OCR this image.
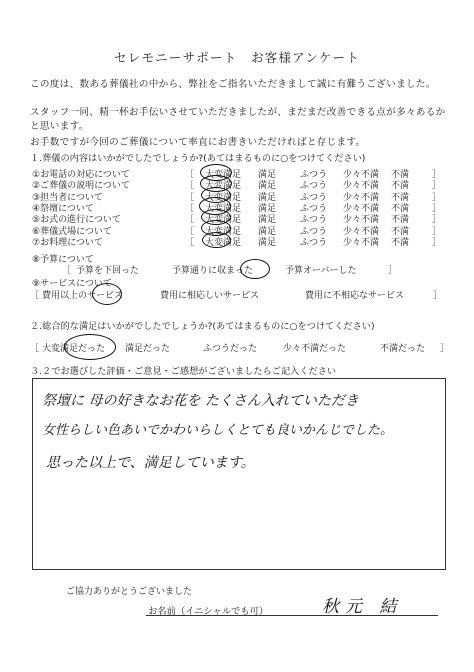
セレモニーサポート　お客様アンケート
この度は、数ある葬儀社の中から、弊社をご指名いただきまして誠に有難うございました。
スタッフ一同、精一杯お手伝いさせていただきましたが、まだまだ改善できる点が多々あるかと思います。
お手数ですが今回のご葬儀について率直にお書きいただければと存じます。
１.葬儀の内容はいかがでしたでしょうか?(あてはまるものに○をつけてください)
①お電話の対応について	［ 大変満足 満足	ふつう 少々不満 不満	］
②ご葬儀の説明について	［ 大変満足 満足	ふつう 少々不満 不満	］
③担当者について	［ 大変満足 満足	ふつう 少々不満 不満	］
④祭壇について	［ 大変満足 満足	ふつう 少々不満 不満	］
⑤お式の進行について	［ 大変満足 満足	ふつう 少々不満 不満	］
⑥葬儀式場について	［ 大変満足 満足	ふつう 少々不満 不満	］
⑦お料理について	［ 大変満足 満足	ふつう 少々不満 不満	］
⑧予算について
［ 予算を下回った	予算通りに収まった	予算オーバーした	］
⑨サービスについて
［ 費用以上のサービス	費用に相応しいサービス	費用に不相応なサービス	］
２.総合的な満足はいかがでしたでしょうか?(あてはまるものに○をつけてください)
［ 大変満足だった 満足だった	ふつうだった	少々不満だった	不満だった ］
３.２でお選びした評価・ご意見・ご感想がございましたらご記入ください
祭壇に 母の好きなお花を たくさん入れていただき
女性らしい色あいでかわいらしくとても良いかんじでした。
思った以上で、満足しています。
ご協力ありがとうございました
お名前（イニシャルでも可）	秋元 結
